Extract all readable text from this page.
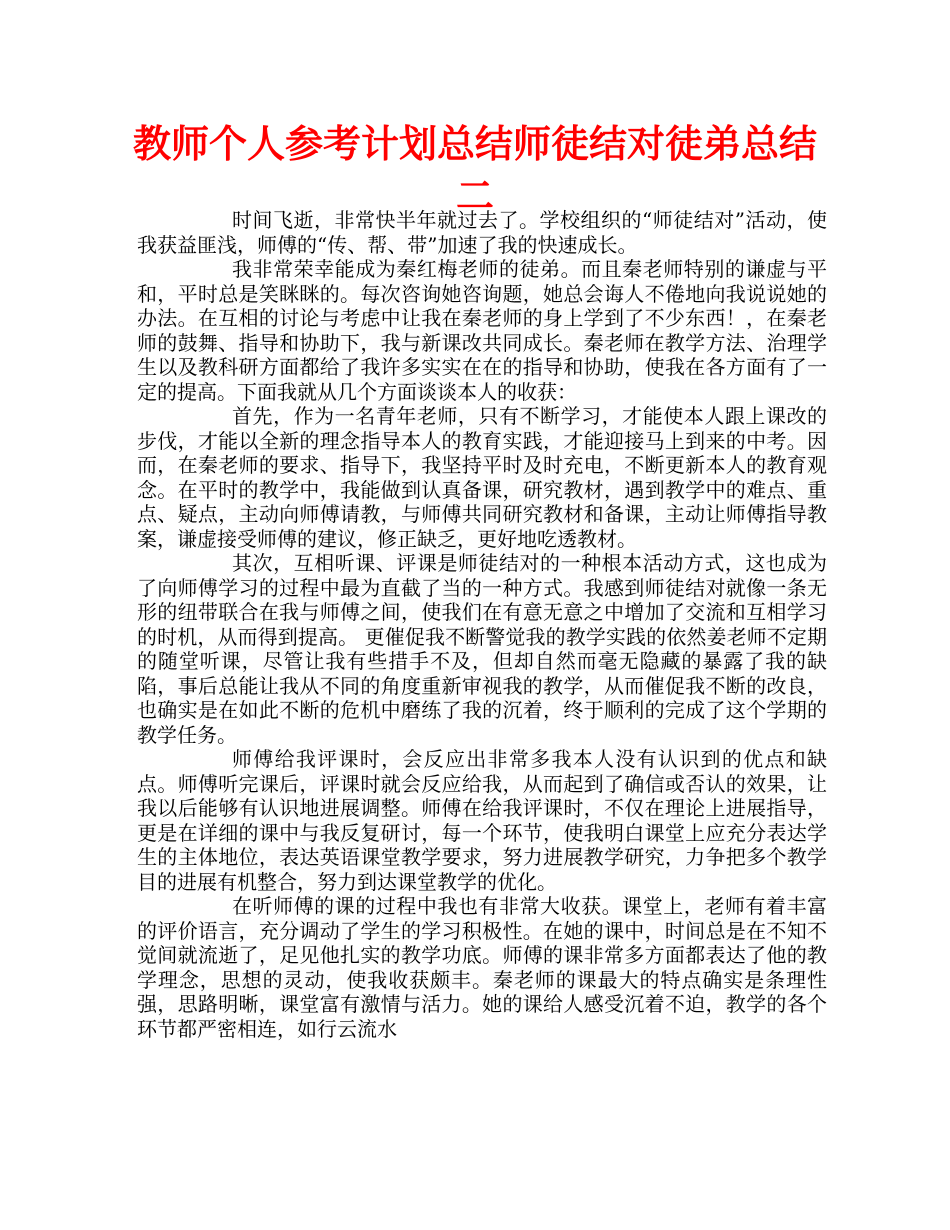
教师个人参考计划总结师徒结对徒弟总结二

时间飞逝，非常快半年就过去了。学校组织的“师徒结对”活动，使我获益匪浅，师傅的“传、帮、带”加速了我的快速成长。

我非常荣幸能成为秦红梅老师的徒弟。而且秦老师特别的谦虚与平和，平时总是笑眯眯的。每次咨询她咨询题，她总会诲人不倦地向我说说她的办法。在互相的讨论与考虑中让我在秦老师的身上学到了不少东西！，在秦老师的鼓舞、指导和协助下，我与新课改共同成长。秦老师在教学方法、治理学生以及教科研方面都给了我许多实实在在的指导和协助，使我在各方面有了一定的提高。下面我就从几个方面谈谈本人的收获：

首先，作为一名青年老师，只有不断学习，才能使本人跟上课改的步伐，才能以全新的理念指导本人的教育实践，才能迎接马上到来的中考。因而，在秦老师的要求、指导下，我坚持平时及时充电，不断更新本人的教育观念。在平时的教学中，我能做到认真备课，研究教材，遇到教学中的难点、重点、疑点，主动向师傅请教，与师傅共同研究教材和备课，主动让师傅指导教案，谦虚接受师傅的建议，修正缺乏，更好地吃透教材。

其次，互相听课、评课是师徒结对的一种根本活动方式，这也成为了向师傅学习的过程中最为直截了当的一种方式。我感到师徒结对就像一条无形的纽带联合在我与师傅之间，使我们在有意无意之中增加了交流和互相学习的时机，从而得到提高。 更催促我不断警觉我的教学实践的依然姜老师不定期的随堂听课，尽管让我有些措手不及，但却自然而毫无隐藏的暴露了我的缺陷，事后总能让我从不同的角度重新审视我的教学，从而催促我不断的改良，也确实是在如此不断的危机中磨练了我的沉着，终于顺利的完成了这个学期的教学任务。

师傅给我评课时，会反应出非常多我本人没有认识到的优点和缺点。师傅听完课后，评课时就会反应给我，从而起到了确信或否认的效果，让我以后能够有认识地进展调整。师傅在给我评课时，不仅在理论上进展指导，更是在详细的课中与我反复研讨，每一个环节，使我明白课堂上应充分表达学生的主体地位，表达英语课堂教学要求，努力进展教学研究，力争把多个教学目的进展有机整合，努力到达课堂教学的优化。

在听师傅的课的过程中我也有非常大收获。课堂上，老师有着丰富的评价语言，充分调动了学生的学习积极性。在她的课中，时间总是在不知不觉间就流逝了，足见他扎实的教学功底。师傅的课非常多方面都表达了他的教学理念，思想的灵动，使我收获颇丰。秦老师的课最大的特点确实是条理性强，思路明晰，课堂富有激情与活力。她的课给人感受沉着不迫，教学的各个环节都严密相连，如行云流水
